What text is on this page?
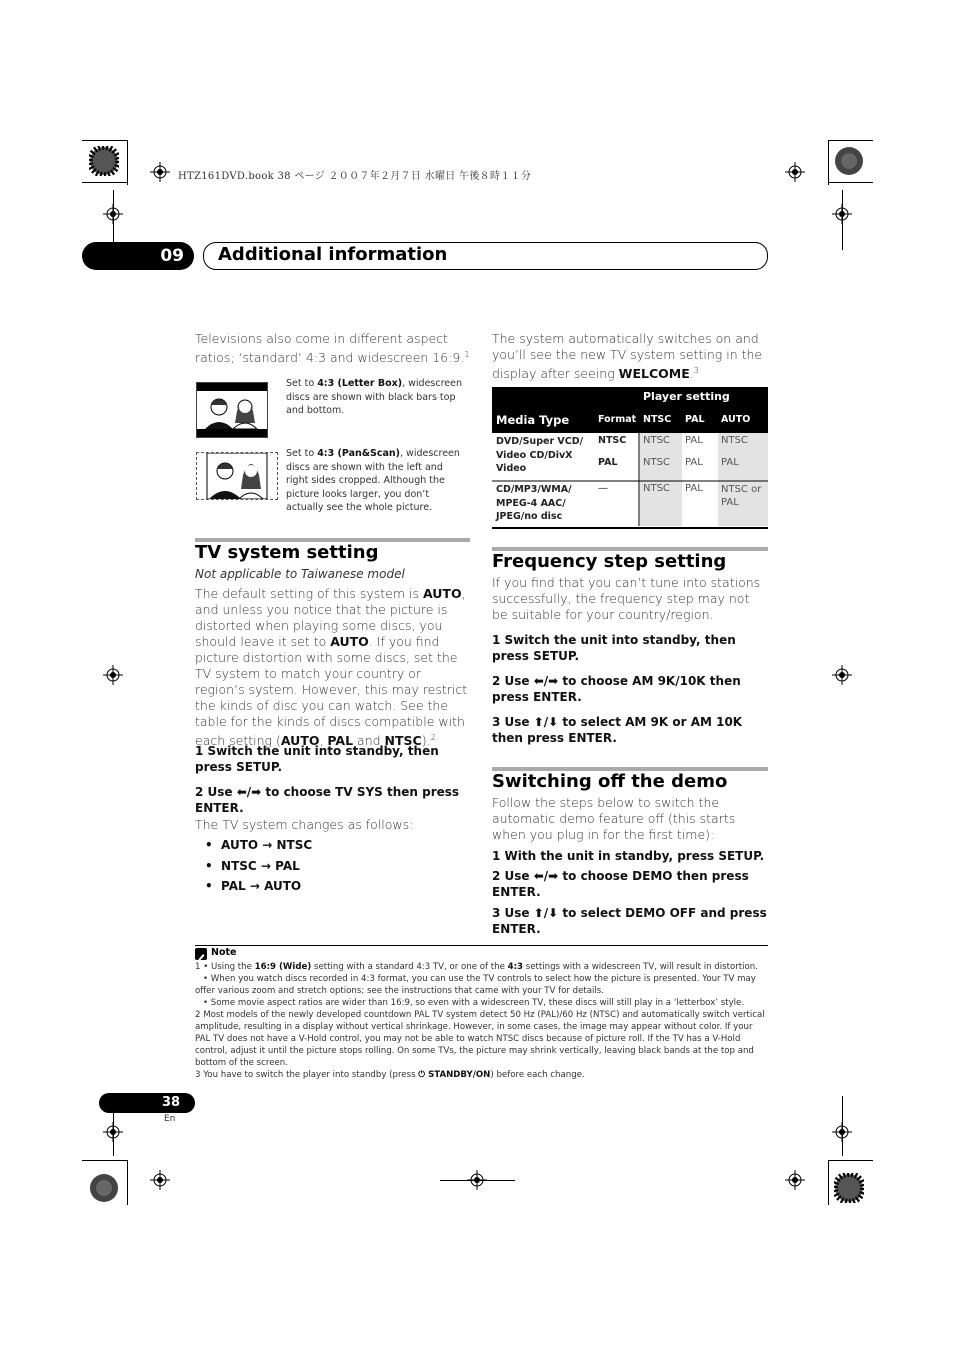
HTZ161DVD.book 38 ページ ２００７年２月７日 水曜日 午後８時１１分
09 Additional information
Televisions also come in different aspect ratios; ‘standard’ 4:3 and widescreen 16:9.$^1$
Set to 4:3 (Letter Box), widescreen discs are shown with black bars top and bottom.
Set to 4:3 (Pan&Scan), widescreen discs are shown with the left and right sides cropped. Although the picture looks larger, you don’t actually see the whole picture.
TV system setting
Not applicable to Taiwanese model
The default setting of this system is AUTO, and unless you notice that the picture is distorted when playing some discs, you should leave it set to AUTO. If you find picture distortion with some discs, set the TV system to match your country or region’s system. However, this may restrict the kinds of disc you can watch. See the table for the kinds of discs compatible with each setting (AUTO, PAL and NTSC).$^2$
1 Switch the unit into standby, then press SETUP.
2 Use ⬅/➡ to choose TV SYS then press ENTER.
The TV system changes as follows:
•  AUTO → NTSC
•  NTSC → PAL
•  PAL → AUTO
The system automatically switches on and you’ll see the new TV system setting in the display after seeing WELCOME.$^3$
Player setting
Media Type	Format NTSC PAL AUTO
DVD/Super VCD/ Video CD/DivX Video
NTSC
PAL
NTSC
NTSC
PAL
PAL
NTSC
PAL
CD/MP3/WMA/ MPEG-4 AAC/ JPEG/no disc
—	NTSC PAL NTSC or PAL
Frequency step setting
If you find that you can’t tune into stations successfully, the frequency step may not be suitable for your country/region.
1 Switch the unit into standby, then press SETUP.
2 Use ⬅/➡ to choose AM 9K/10K then press ENTER.
3 Use ⬆/⬇ to select AM 9K or AM 10K then press ENTER.
Switching off the demo
Follow the steps below to switch the automatic demo feature off (this starts when you plug in for the first time):
1 With the unit in standby, press SETUP.
2 Use ⬅/➡ to choose DEMO then press ENTER.
3 Use ⬆/⬇ to select DEMO OFF and press ENTER.
Note
1 • Using the 16:9 (Wide) setting with a standard 4:3 TV, or one of the 4:3 settings with a widescreen TV, will result in distortion.
• When you watch discs recorded in 4:3 format, you can use the TV controls to select how the picture is presented. Your TV may offer various zoom and stretch options; see the instructions that came with your TV for details.
• Some movie aspect ratios are wider than 16:9, so even with a widescreen TV, these discs will still play in a ‘letterbox’ style.
2 Most models of the newly developed countdown PAL TV system detect 50 Hz (PAL)/60 Hz (NTSC) and automatically switch vertical amplitude, resulting in a display without vertical shrinkage. However, in some cases, the image may appear without color. If your PAL TV does not have a V-Hold control, you may not be able to watch NTSC discs because of picture roll. If the TV has a V-Hold control, adjust it until the picture stops rolling. On some TVs, the picture may shrink vertically, leaving black bands at the top and bottom of the screen.
3 You have to switch the player into standby (press ⏻ STANDBY/ON) before each change.
38
En
